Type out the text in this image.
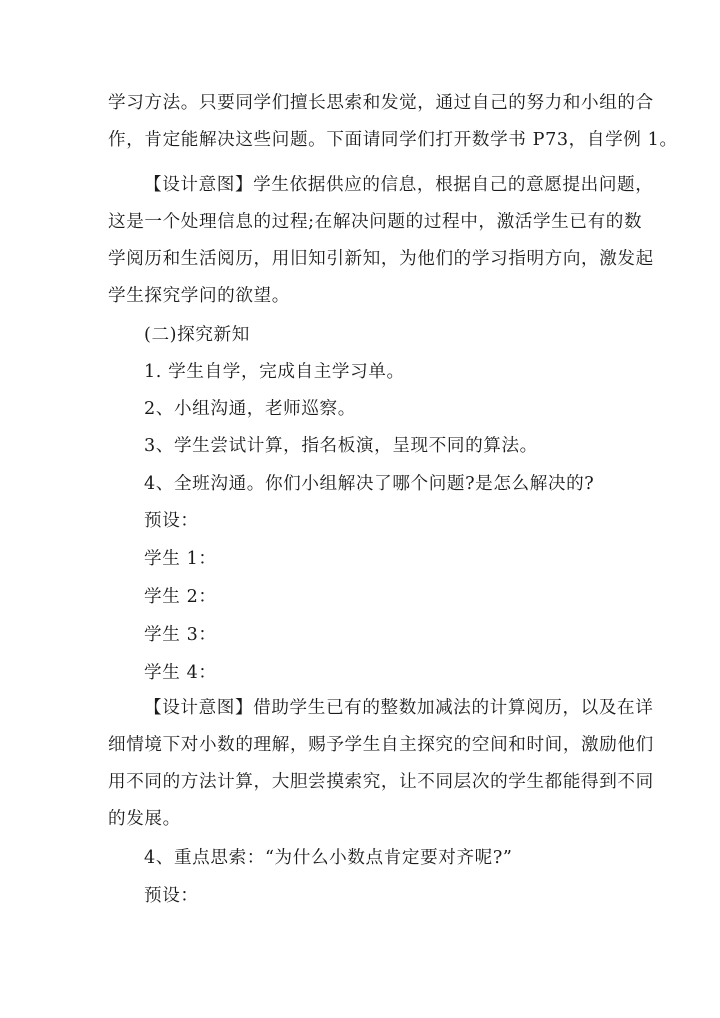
学习方法。只要同学们擅长思索和发觉，通过自己的努力和小组的合
作，肯定能解决这些问题。下面请同学们打开数学书 P73，自学例 1。
【设计意图】学生依据供应的信息，根据自己的意愿提出问题，
这是一个处理信息的过程;在解决问题的过程中，激活学生已有的数
学阅历和生活阅历，用旧知引新知，为他们的学习指明方向，激发起
学生探究学问的欲望。

(二)探究新知

1. 学生自学，完成自主学习单。

2、小组沟通，老师巡察。

3、学生尝试计算，指名板演，呈现不同的算法。

4、全班沟通。你们小组解决了哪个问题?是怎么解决的?

预设：

学生 1：

学生 2：

学生 3：

学生 4：

【设计意图】借助学生已有的整数加减法的计算阅历，以及在详
细情境下对小数的理解，赐予学生自主探究的空间和时间，激励他们
用不同的方法计算，大胆尝摸索究，让不同层次的学生都能得到不同
的发展。

4、重点思索：“为什么小数点肯定要对齐呢?”

预设：
